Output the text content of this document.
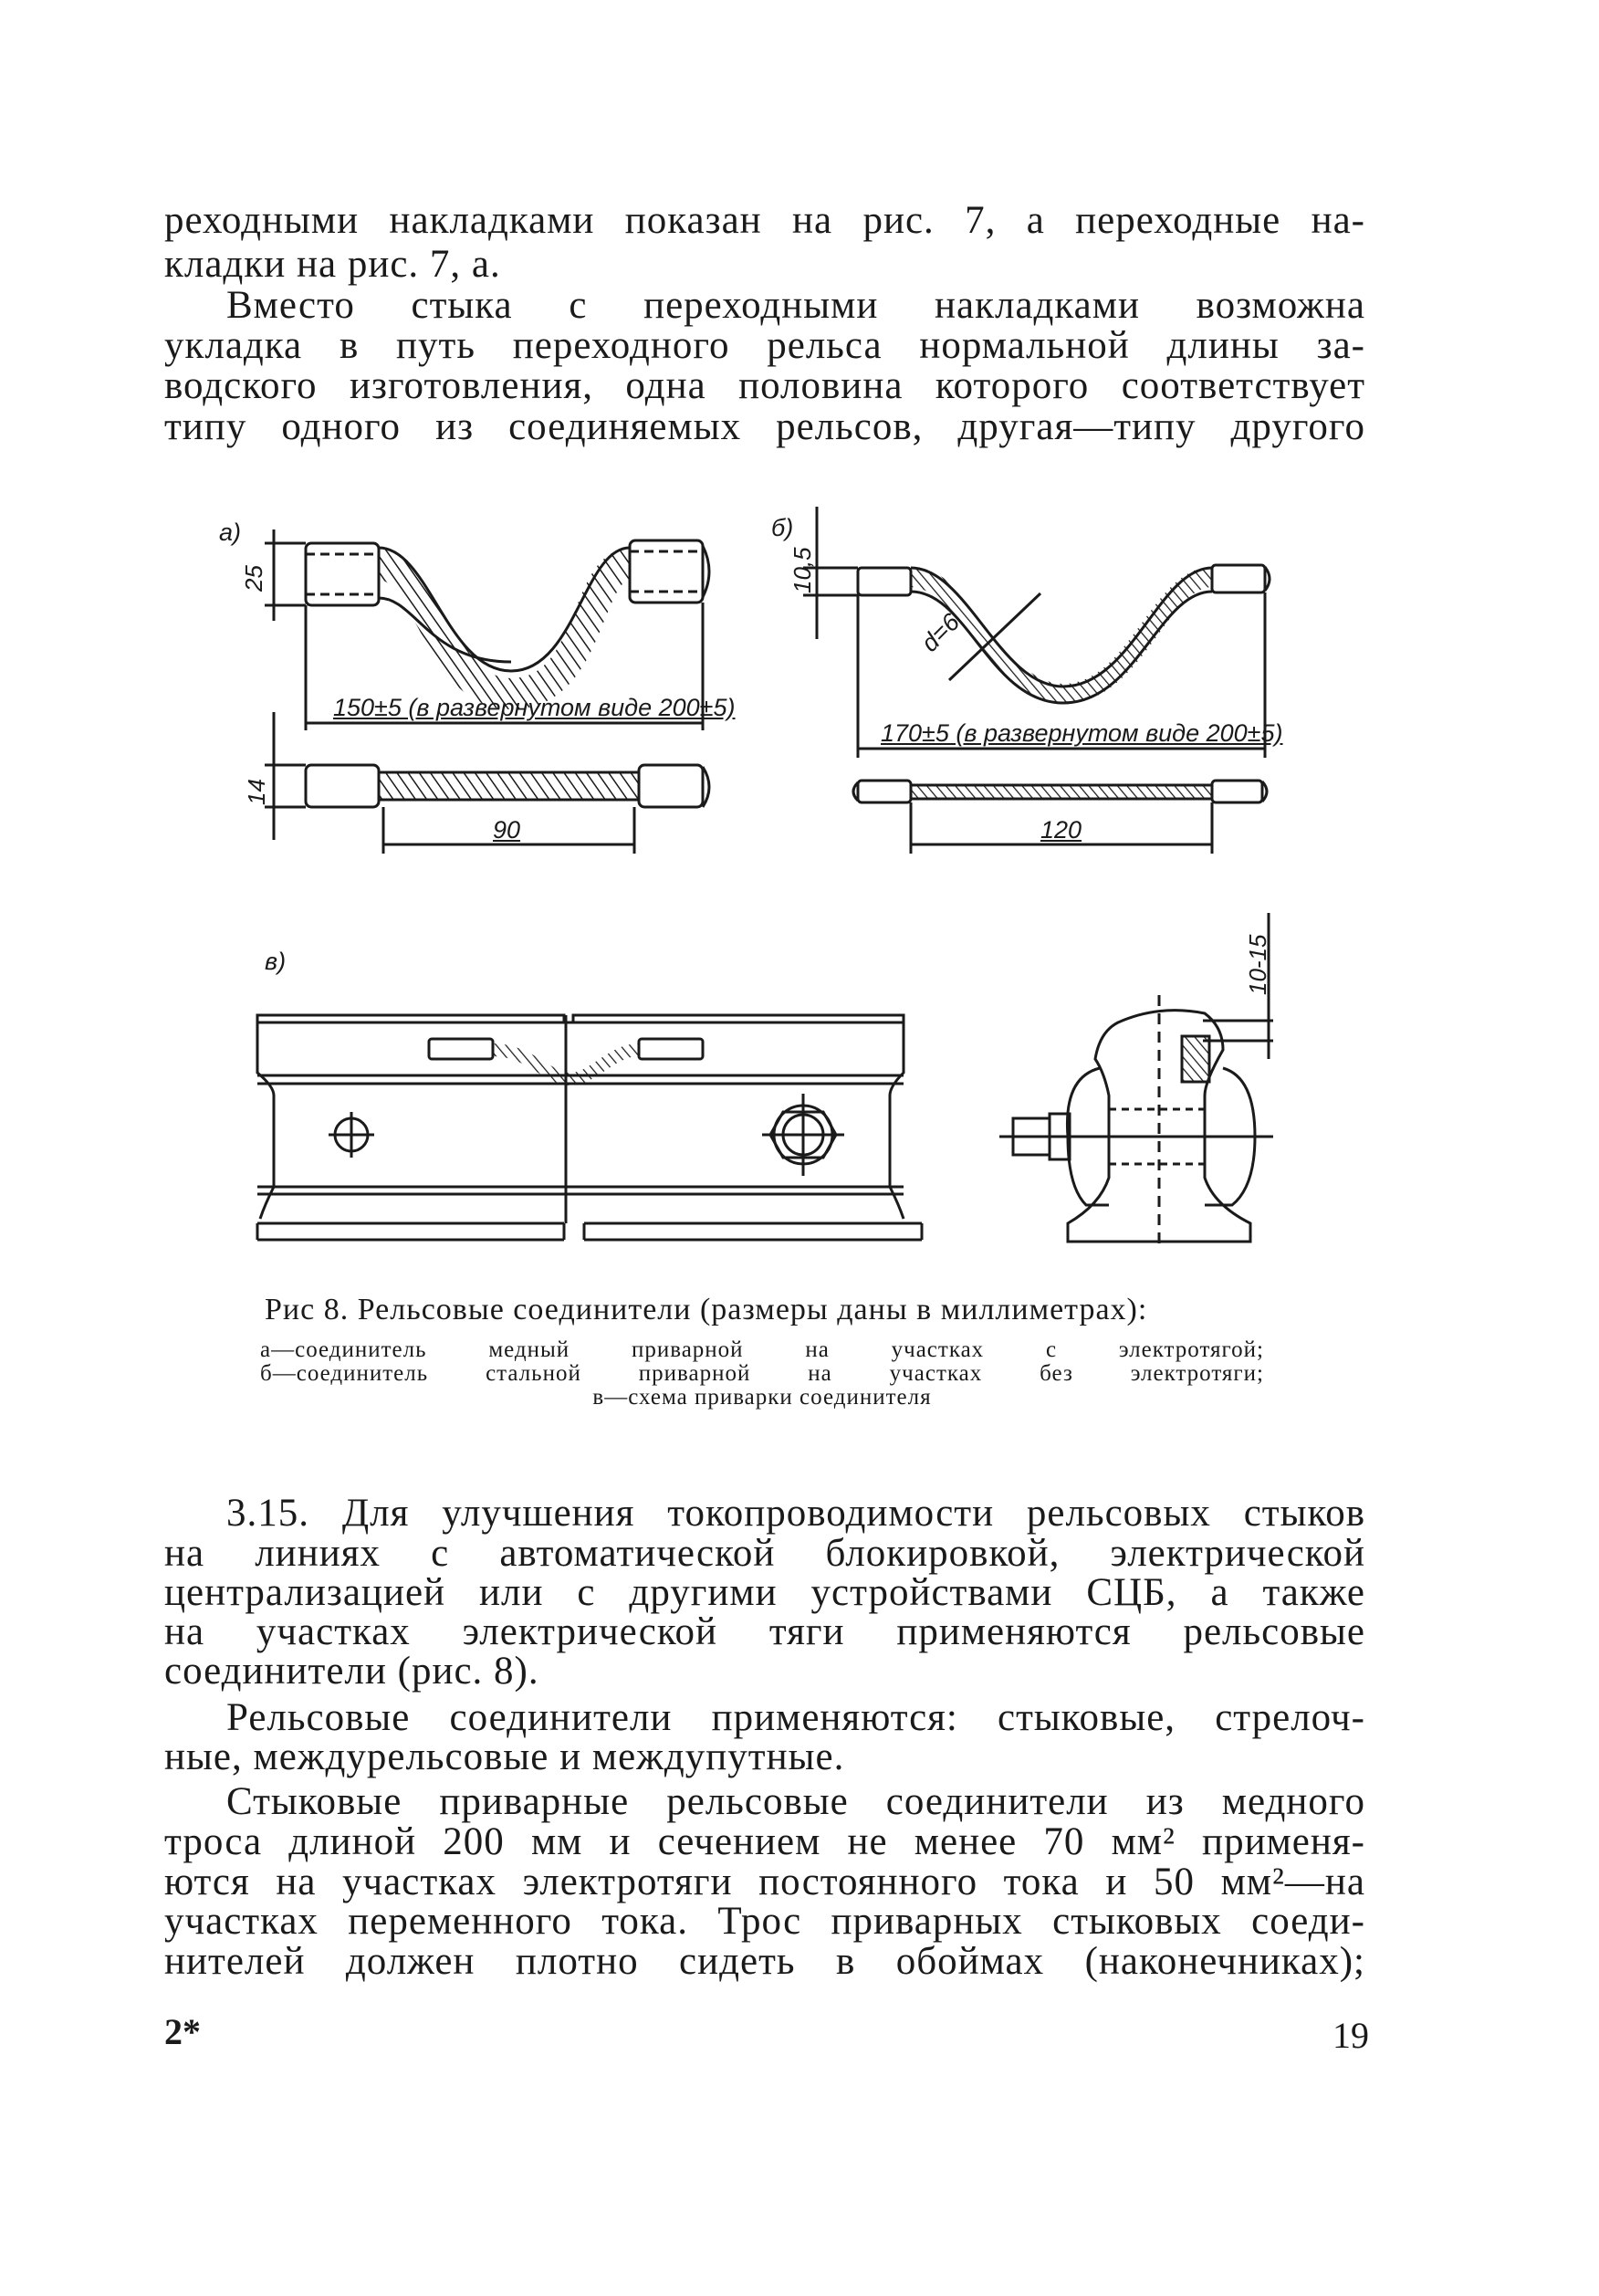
реходными накладками показан на рис. 7, а переходные на-
кладки на рис. 7, а.
Вместо стыка с переходными накладками возможна
укладка в путь переходного рельса нормальной длины за-
водского изготовления, одна половина которого соответствует
типу одного из соединяемых рельсов, другая—типу другого
а)	б)
в)
25
150±5 (в развернутом виде 200±5)
14
90
10,5
d=6
170±5 (в развернутом виде 200±5)
120
10-15
Рис 8. Рельсовые соединители (размеры даны в миллиметрах):
а—соединитель медный приварной на участках с электротягой;
б—соединитель стальной приварной на участках без электротяги;
в—схема приварки соединителя
3.15. Для улучшения токопроводимости рельсовых стыков
на линиях с автоматической блокировкой, электрической
централизацией или с другими устройствами СЦБ, а также
на участках электрической тяги применяются рельсовые
соединители (рис. 8).
Рельсовые соединители применяются: стыковые, стрелоч-
ные, междурельсовые и междупутные.
Стыковые приварные рельсовые соединители из медного
троса длиной 200 мм и сечением не менее 70 мм² применя-
ются на участках электротяги постоянного тока и 50 мм²—на
участках переменного тока. Трос приварных стыковых соеди-
нителей должен плотно сидеть в обоймах (наконечниках);
2*	19
